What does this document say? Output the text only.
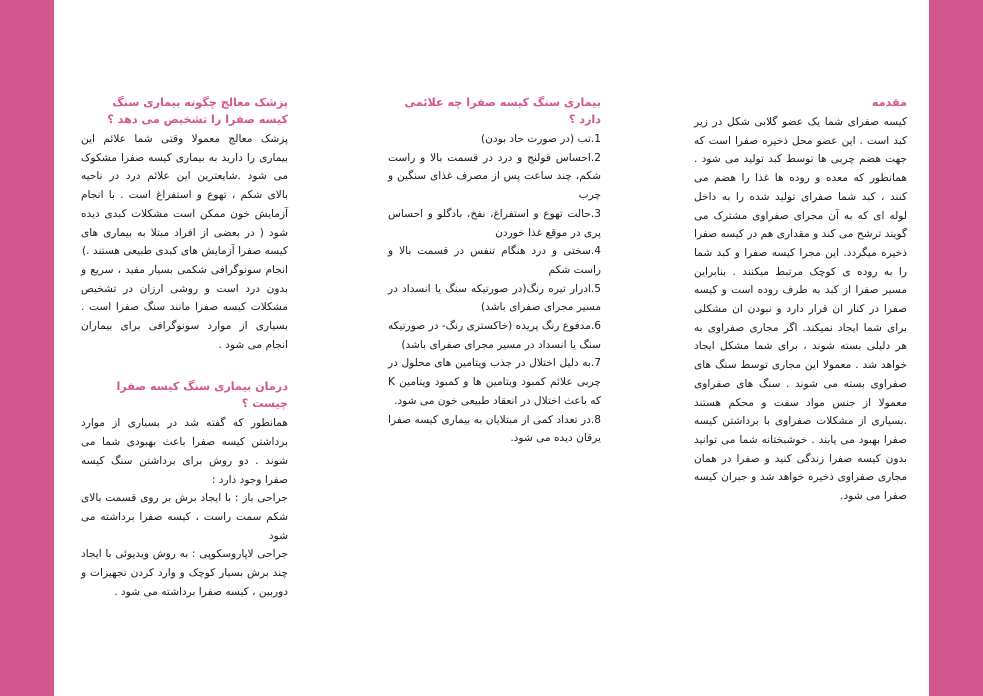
مقدمه

کیسه صفرای شما یک عضو گلابی شکل در زیر کبد است . این عضو محل ذخیره صفرا است که جهت هضم چربی ها توسط کبد تولید می شود . همانطور که معده و روده ها غذا را هضم می کنند ، کبد شما صفرای تولید شده را به داخل لوله ای که به آن مجرای صفراوی مشترک می گویند ترشح می کند و مقداری هم در کیسه صفرا ذخیره میگردد. این مجرا کیسه صفرا و کبد شما را به روده ی کوچک مرتبط میکنند . بنابراین مسیر صفرا از کبد به طرف روده است و کیسه صفرا در کنار ان قرار دارد و نبودن ان مشکلی برای شما ایجاد نمیکند. اگر مجاری صفراوی به هر دلیلی بسته شوند ، برای شما مشکل ایجاد خواهد شد . معمولا این مجاری توسط سنگ های صفراوی بسته می شوند . سنگ های صفراوی معمولا از جنس مواد سفت و محکم هستند .بسیاری از مشکلات صفراوی با برداشتن کیسه صفرا بهبود می یابند . خوشبختانه شما می توانید بدون کیسه صفرا زندگی کنید و صفرا در همان مجاری صفراوی ذخیره خواهد شد و جبران کیسه صفرا می شود.

بیماری سنگ کیسه صفرا چه علائمی دارد ؟

1.تب (در صورت حاد بودن)

2.احساس قولنج و درد در قسمت بالا و راست شکم، چند ساعت پس از مصرف غذای سنگین و چرب

3.حالت تهوع و استفراغ، نفخ، بادگلو و احساس پری در موقع غذا خوردن

4.سختی و درد هنگام تنفس در قسمت بالا و راست شکم

5.ادرار تیره رنگ(در صورتیکه سنگ یا انسداد در مسیر مجرای صفرای باشد)

6.مدفوع رنگ پریده (خاکستری رنگ- در صورتیکه سنگ یا انسداد در مسیر مجرای صفرای باشد)

7.به دلیل اختلال در جذب ویتامین های محلول در چربی علائم کمبود ویتامین ها و کمبود ویتامین K که باعث اختلال در انعقاد طبیعی خون می شود.

8.در تعداد کمی از مبتلایان به بیماری کیسه صفرا یرقان دیده می شود.

پزشک معالج چگونه بیماری سنگ کیسه صفرا را تشخیص می دهد ؟

پزشک معالج معمولا وقتی شما علائم این بیماری را دارید به بیماری کیسه صفرا مشکوک می شود .شایعترین این علائم درد در ناحیه بالای شکم ، تهوع و استفراغ است . با انجام آزمایش خون ممکن است مشکلات کبدی دیده شود ( در بعضی از افراد مبتلا به بیماری های کیسه صفرا آزمایش های کبدی طبیعی هستند .)

انجام سونوگرافی شکمی بسیار مفید ، سریع و بدون درد است و روشی ارزان در تشخیص مشکلات کیسه صفرا مانند سنگ صفرا است . بسیاری از موارد سونوگرافی برای بیماران انجام می شود .

درمان بیماری سنگ کیسه صفرا چیست ؟

همانطور که گفته شد در بسیاری از موارد برداشتن کیسه صفرا باعث بهبودی شما می شوند . دو روش برای برداشتن سنگ کیسه صفرا وجود دارد :

جراحی باز : با ایجاد برش بر روی قسمت بالای شکم سمت راست ، کیسه صفرا برداشته می شود

جراحی لاپاروسکوپی : به روش ویدیوئی با ایجاد چند برش بسیار کوچک و وارد کردن تجهیزات و دوربین ، کیسه صفرا برداشته می شود .
